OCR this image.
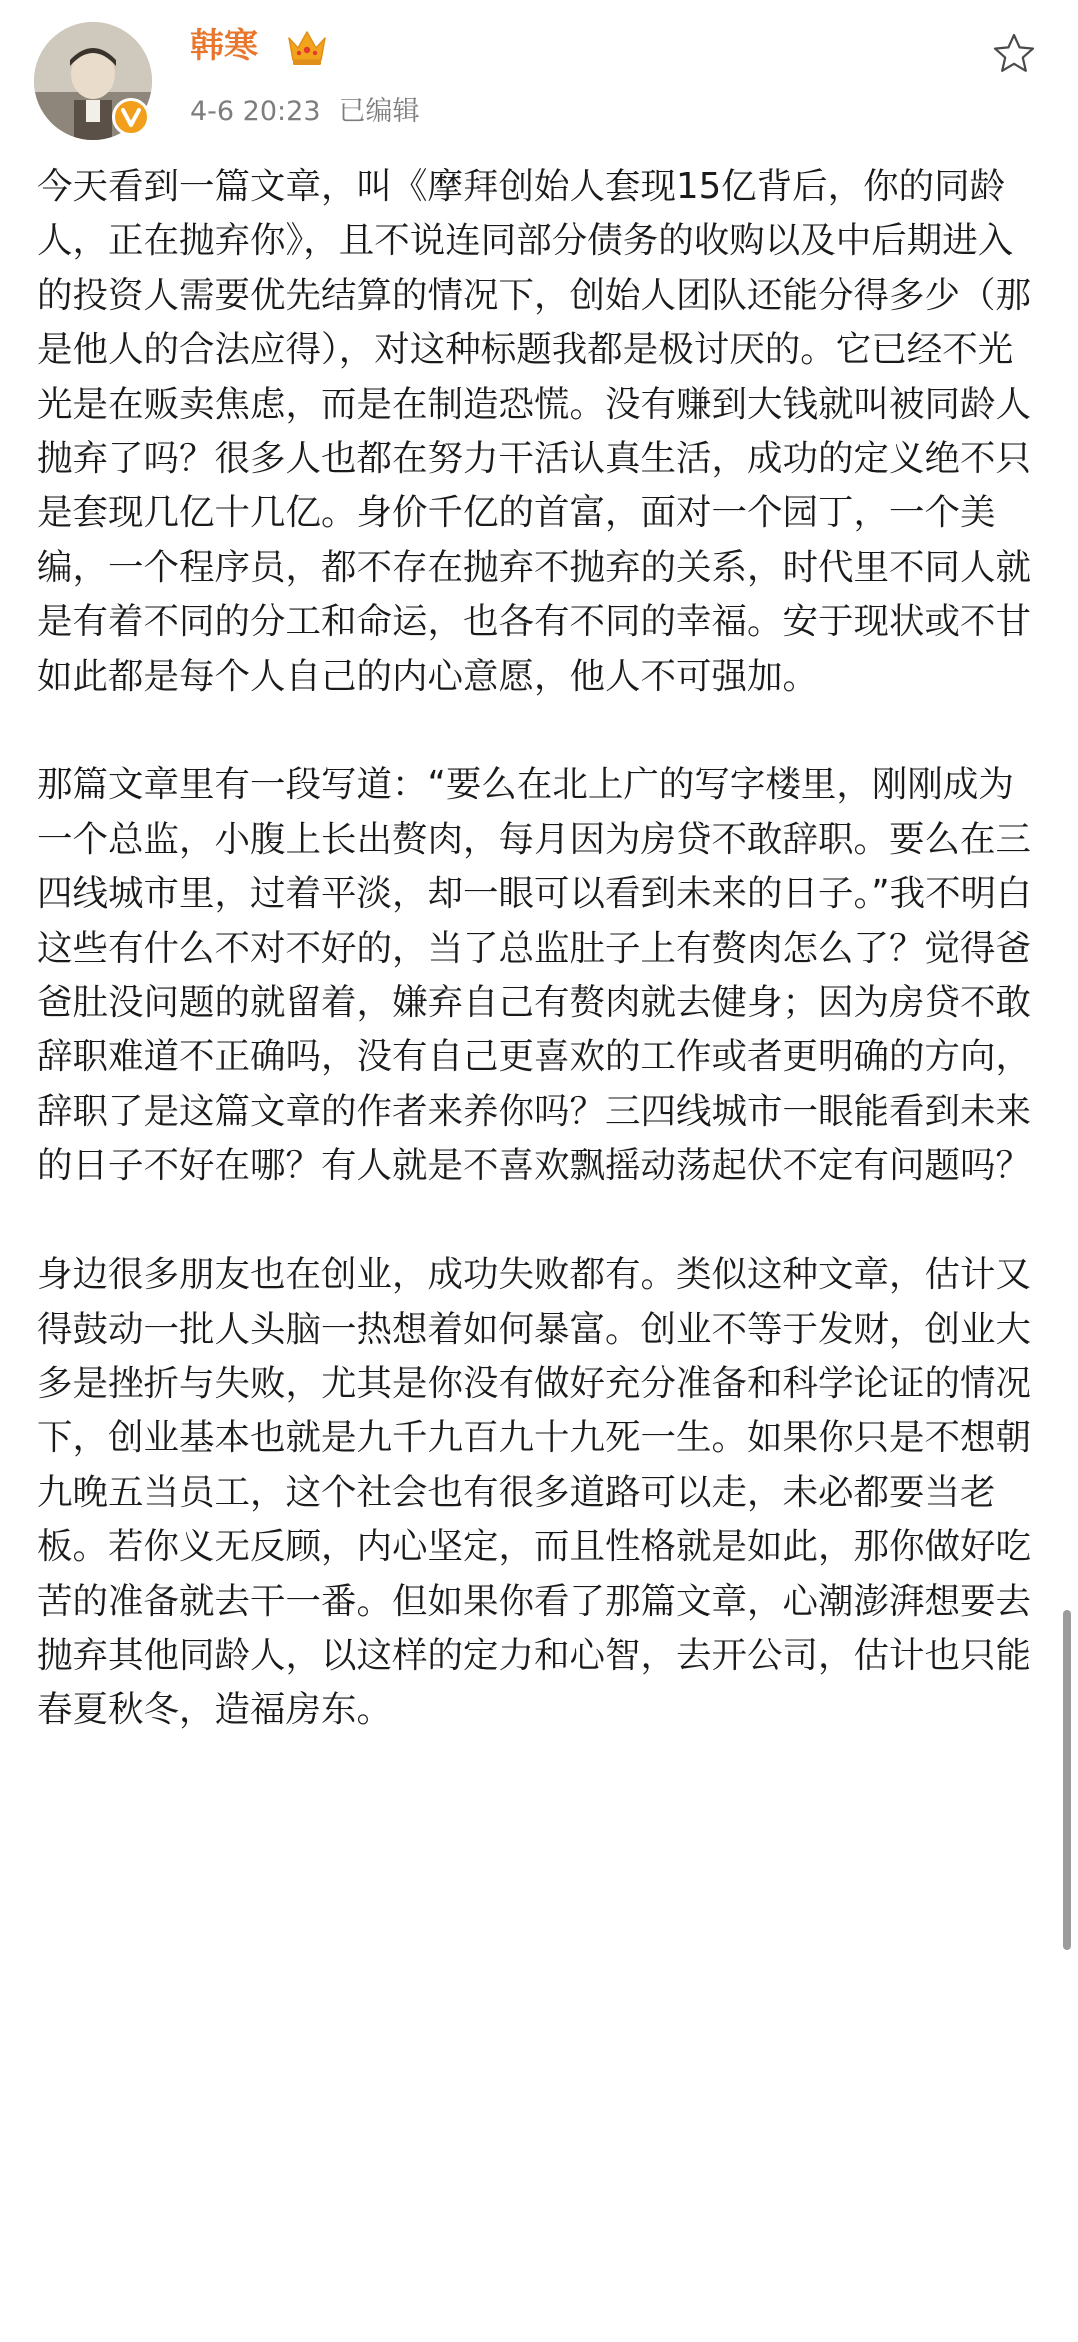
韩寒
4-6 20:23 已编辑

今天看到一篇文章，叫《摩拜创始人套现15亿背后，你的同龄人，正在抛弃你》，且不说连同部分债务的收购以及中后期进入的投资人需要优先结算的情况下，创始人团队还能分得多少（那是他人的合法应得），对这种标题我都是极讨厌的。它已经不光光是在贩卖焦虑，而是在制造恐慌。没有赚到大钱就叫被同龄人抛弃了吗？很多人也都在努力干活认真生活，成功的定义绝不只是套现几亿十几亿。身价千亿的首富，面对一个园丁，一个美编，一个程序员，都不存在抛弃不抛弃的关系，时代里不同人就是有着不同的分工和命运，也各有不同的幸福。安于现状或不甘如此都是每个人自己的内心意愿，他人不可强加。

那篇文章里有一段写道：“要么在北上广的写字楼里，刚刚成为一个总监，小腹上长出赘肉，每月因为房贷不敢辞职。要么在三四线城市里，过着平淡，却一眼可以看到未来的日子。”我不明白这些有什么不对不好的，当了总监肚子上有赘肉怎么了？觉得爸爸肚没问题的就留着，嫌弃自己有赘肉就去健身；因为房贷不敢辞职难道不正确吗，没有自己更喜欢的工作或者更明确的方向，辞职了是这篇文章的作者来养你吗？三四线城市一眼能看到未来的日子不好在哪？有人就是不喜欢飘摇动荡起伏不定有问题吗？

身边很多朋友也在创业，成功失败都有。类似这种文章，估计又得鼓动一批人头脑一热想着如何暴富。创业不等于发财，创业大多是挫折与失败，尤其是你没有做好充分准备和科学论证的情况下，创业基本也就是九千九百九十九死一生。如果你只是不想朝九晚五当员工，这个社会也有很多道路可以走，未必都要当老板。若你义无反顾，内心坚定，而且性格就是如此，那你做好吃苦的准备就去干一番。但如果你看了那篇文章，心潮澎湃想要去抛弃其他同龄人，以这样的定力和心智，去开公司，估计也只能春夏秋冬，造福房东。
